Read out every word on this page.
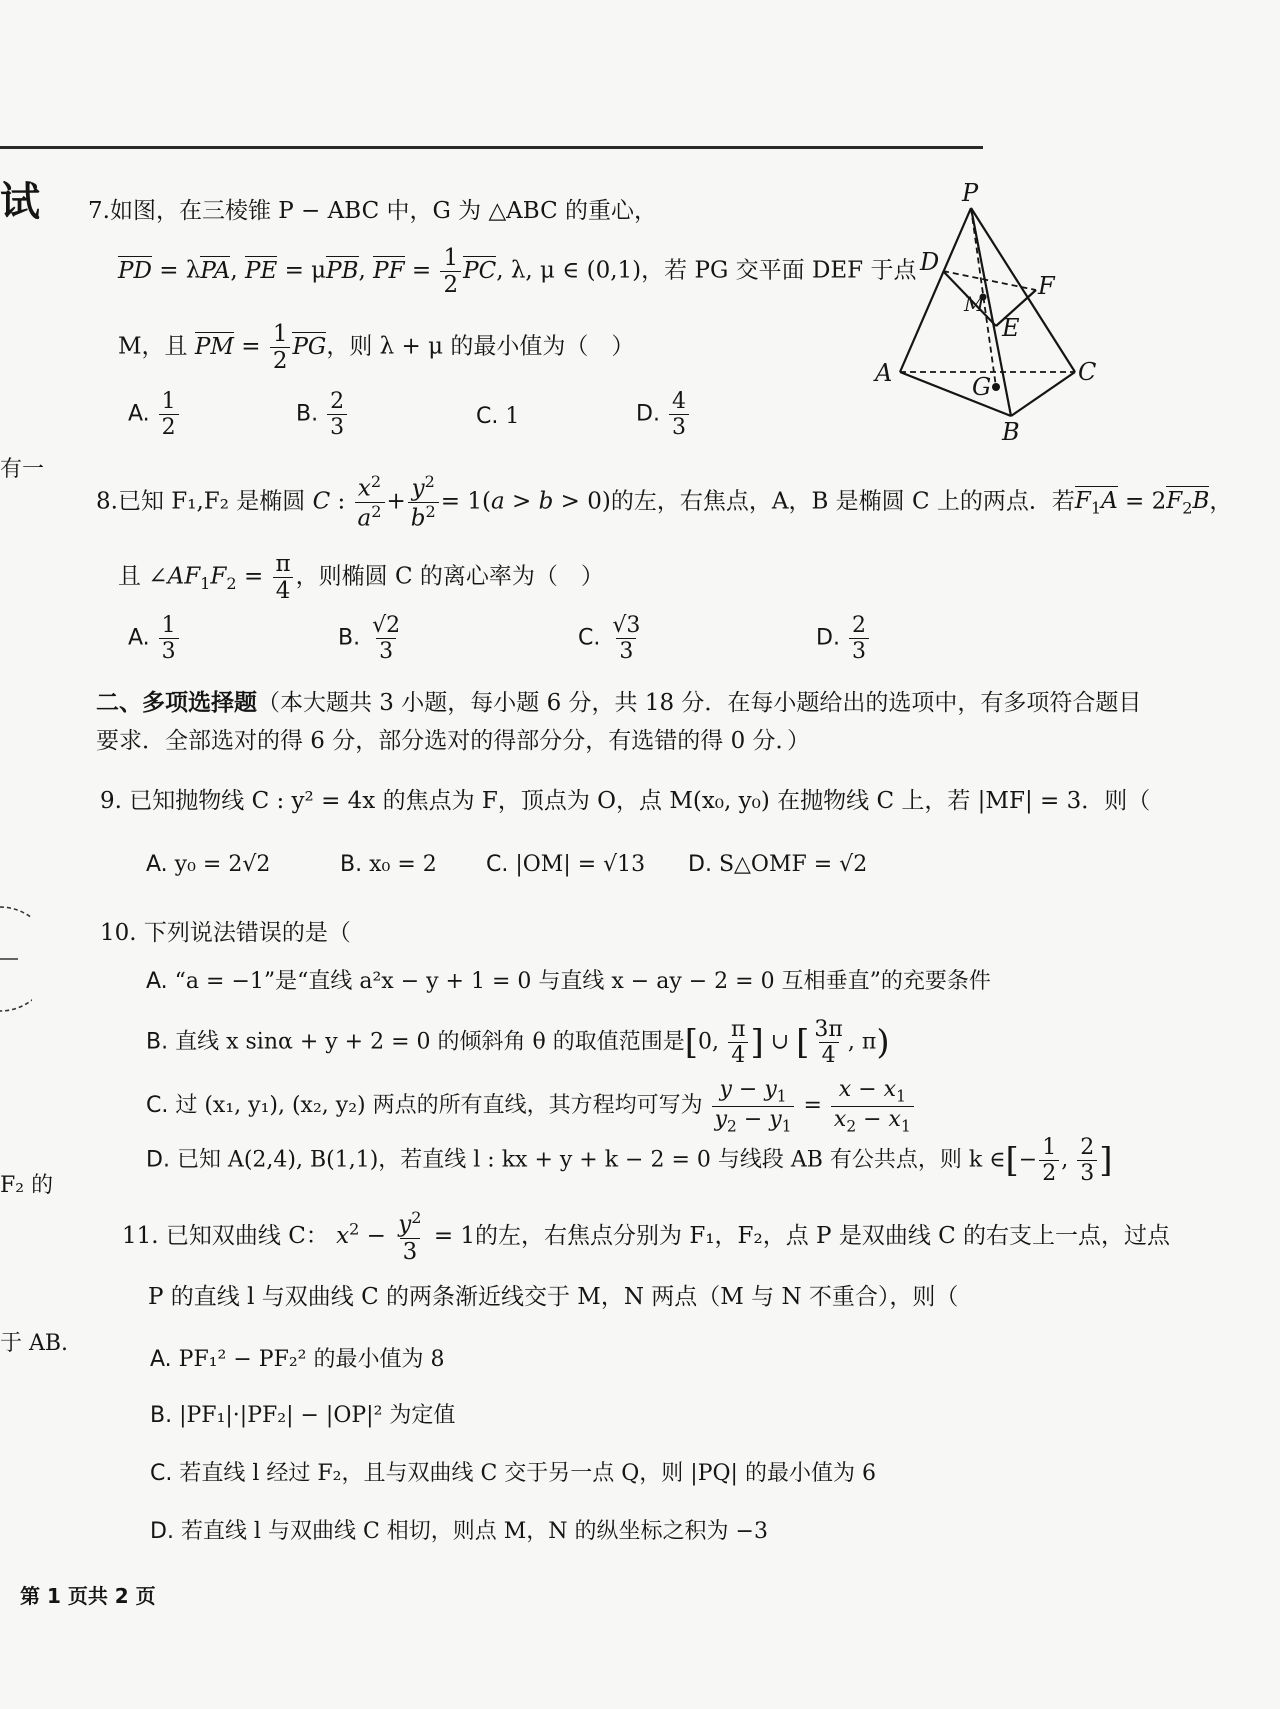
试
有一
F₂ 的
于 AB.
7.如图，在三棱锥 P − ABC 中，G 为 △ABC 的重心，
PD = λPA, PE = μPB, PF = $\frac{1}{2}$ PC, λ, μ ∈ (0,1)，若 PG 交平面 DEF 于点
M，且 PM = $\frac{1}{2}$ PG，则 λ + μ 的最小值为（　）
A. $\frac{1}{2}$	B. $\frac{2}{3}$	C. 1	D. $\frac{4}{3}$
P
D
F
M
E
A	C
G
B
8.已知 F₁,F₂ 是椭圆 C : $\frac{x^2}{a^2} + \frac{y^2}{b^2} = 1(a > b > 0)$的左，右焦点，A，B 是椭圆 C 上的两点．若$F_1A = 2F_2B$，
且 $\angle AF_1F_2 = \frac{\pi}{4}$ ，则椭圆 C 的离心率为（　）
A. $\frac{1}{3}$	B. $\frac{√2}{3}$	C. $\frac{√3}{3}$	D. $\frac{2}{3}$
二、多项选择题（本大题共 3 小题，每小题 6 分，共 18 分．在每小题给出的选项中，有多项符合题目
要求．全部选对的得 6 分，部分选对的得部分分，有选错的得 0 分．）
9. 已知抛物线 C : y² = 4x 的焦点为 F，顶点为 O，点 M(x₀, y₀) 在抛物线 C 上，若 |MF| = 3．则（
A. y₀ = 2√2	B. x₀ = 2 C. |OM| = √13 D. S△OMF = √2
10. 下列说法错误的是（
A. “a = −1”是“直线 a²x − y + 1 = 0 与直线 x − ay − 2 = 0 互相垂直”的充要条件
B. 直线 x sinα + y + 2 = 0 的倾斜角 θ 的取值范围是[0, $\frac{\pi}{4}$ ] ∪ [ $\frac{3\pi}{4}$ , π)
C. 过 (x₁, y₁), (x₂, y₂) 两点的所有直线，其方程均可写为 $\frac{y - y_1}{y_2 - y_1} = \frac{x - x_1}{x_2 - x_1}$
D. 已知 A(2,4), B(1,1)，若直线 l : kx + y + k − 2 = 0 与线段 AB 有公共点，则 k ∈[− $\frac{1}{2}$ , $\frac{2}{3}$ ]
11. 已知双曲线 C： $x^2 - \frac{y^2}{3} = 1$的左，右焦点分别为 F₁，F₂，点 P 是双曲线 C 的右支上一点，过点
P 的直线 l 与双曲线 C 的两条渐近线交于 M，N 两点（M 与 N 不重合），则（
A. PF₁² − PF₂² 的最小值为 8
B. |PF₁|·|PF₂| − |OP|² 为定值
C. 若直线 l 经过 F₂，且与双曲线 C 交于另一点 Q，则 |PQ| 的最小值为 6
D. 若直线 l 与双曲线 C 相切，则点 M，N 的纵坐标之积为 −3
第 1 页共 2 页
